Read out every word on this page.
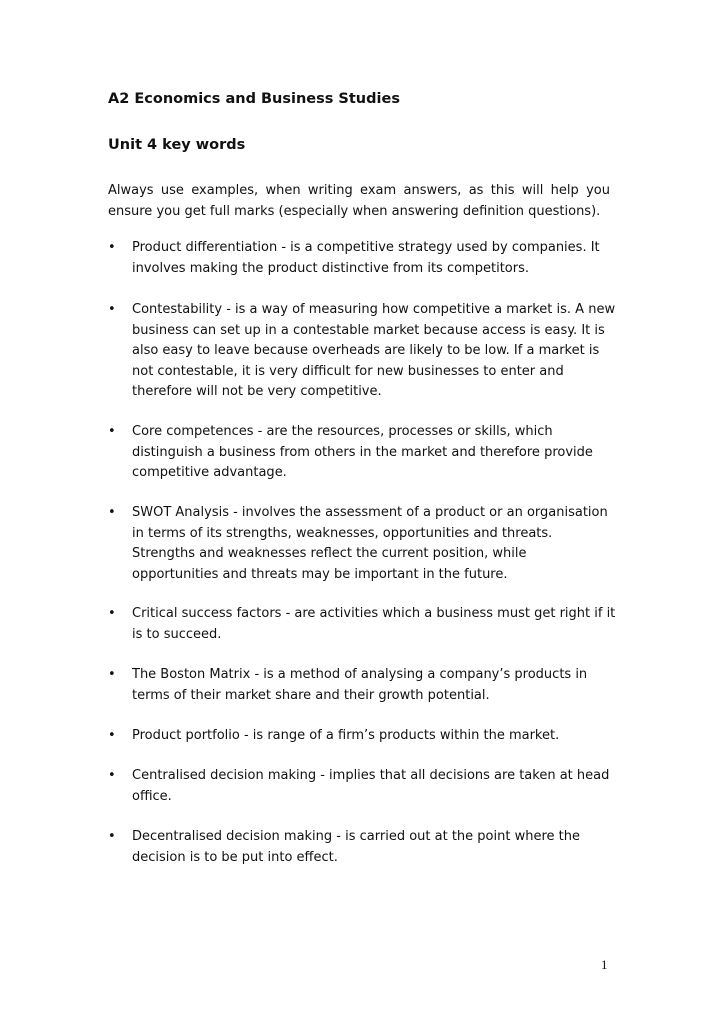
A2 Economics and Business Studies
Unit 4 key words

Always use examples, when writing exam answers, as this will help you ensure you get full marks (especially when answering definition questions).

• Product differentiation - is a competitive strategy used by companies. It involves making the product distinctive from its competitors.

• Contestability - is a way of measuring how competitive a market is. A new business can set up in a contestable market because access is easy. It is also easy to leave because overheads are likely to be low. If a market is not contestable, it is very difficult for new businesses to enter and therefore will not be very competitive.

• Core competences - are the resources, processes or skills, which distinguish a business from others in the market and therefore provide competitive advantage.

• SWOT Analysis - involves the assessment of a product or an organisation in terms of its strengths, weaknesses, opportunities and threats. Strengths and weaknesses reflect the current position, while opportunities and threats may be important in the future.

• Critical success factors - are activities which a business must get right if it is to succeed.

• The Boston Matrix - is a method of analysing a company’s products in terms of their market share and their growth potential.

• Product portfolio - is range of a firm’s products within the market.

• Centralised decision making - implies that all decisions are taken at head office.

• Decentralised decision making - is carried out at the point where the decision is to be put into effect.

1
